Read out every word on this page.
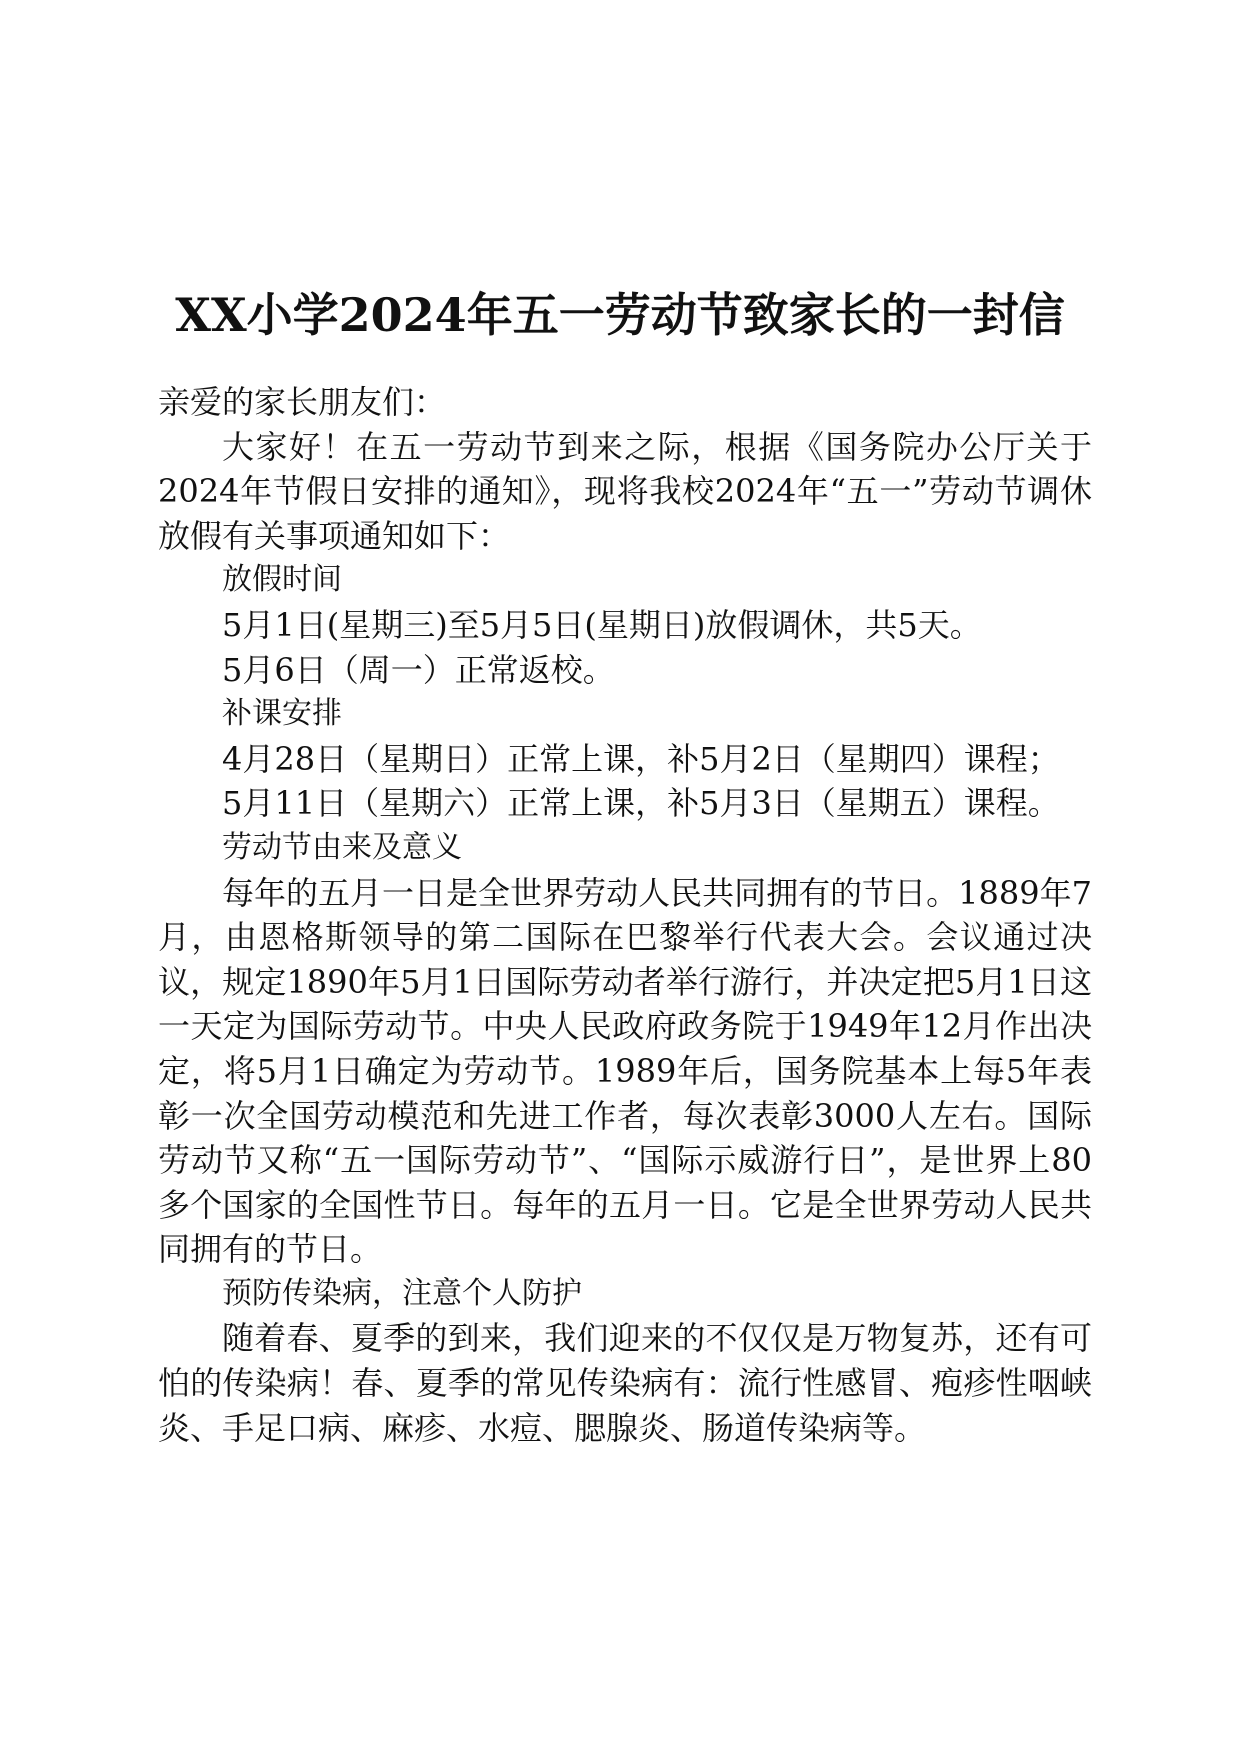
XX小学2024年五一劳动节致家长的一封信

亲爱的家长朋友们：

大家好！在五一劳动节到来之际，根据《国务院办公厅关于2024年节假日安排的通知》，现将我校2024年“五一”劳动节调休放假有关事项通知如下：

放假时间

5月1日(星期三)至5月5日(星期日)放假调休，共5天。

5月6日（周一）正常返校。

补课安排

4月28日（星期日）正常上课，补5月2日（星期四）课程；

5月11日（星期六）正常上课，补5月3日（星期五）课程。

劳动节由来及意义

每年的五月一日是全世界劳动人民共同拥有的节日。1889年7月，由恩格斯领导的第二国际在巴黎举行代表大会。会议通过决议，规定1890年5月1日国际劳动者举行游行，并决定把5月1日这一天定为国际劳动节。中央人民政府政务院于1949年12月作出决定，将5月1日确定为劳动节。1989年后，国务院基本上每5年表彰一次全国劳动模范和先进工作者，每次表彰3000人左右。国际劳动节又称“五一国际劳动节”、“国际示威游行日”，是世界上80多个国家的全国性节日。每年的五月一日。它是全世界劳动人民共同拥有的节日。

预防传染病，注意个人防护

随着春、夏季的到来，我们迎来的不仅仅是万物复苏，还有可怕的传染病！春、夏季的常见传染病有：流行性感冒、疱疹性咽峡炎、手足口病、麻疹、水痘、腮腺炎、肠道传染病等。
